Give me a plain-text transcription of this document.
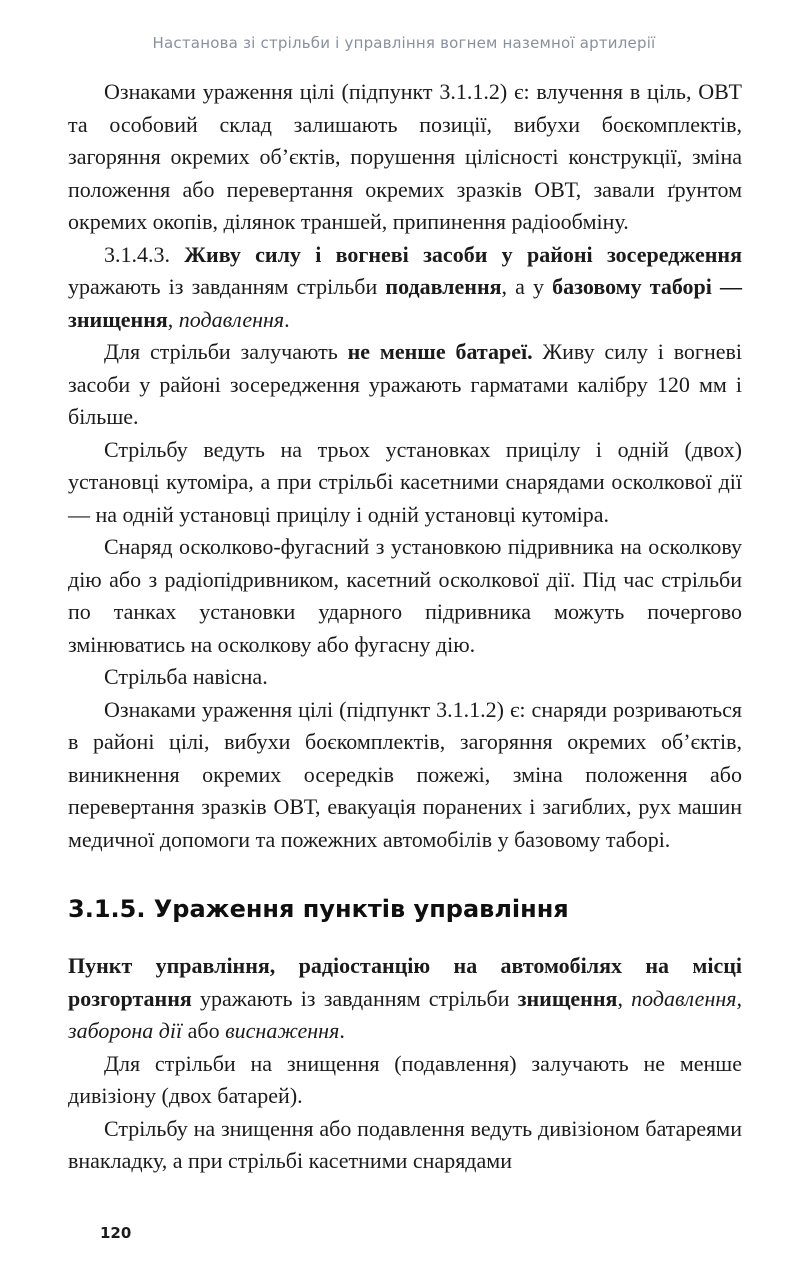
Настанова зі стрільби і управління вогнем наземної артилерії

Ознаками ураження цілі (підпункт 3.1.1.2) є: влучення в ціль, ОВТ та особовий склад залишають позиції, вибухи боєкомплектів, загоряння окремих об’єктів, порушення цілісності конструкції, зміна положення або перевертання окремих зразків ОВТ, завали ґрунтом окремих окопів, ділянок траншей, припинення радіообміну.

3.1.4.3. Живу силу і вогневі засоби у районі зосередження уражають із завданням стрільби подавлення, а у базовому таборі — знищення, подавлення.

Для стрільби залучають не менше батареї. Живу силу і вогневі засоби у районі зосередження уражають гарматами калібру 120 мм і більше.

Стрільбу ведуть на трьох установках прицілу і одній (двох) установці кутоміра, а при стрільбі касетними снарядами осколкової дії — на одній установці прицілу і одній установці кутоміра.

Снаряд осколково-фугасний з установкою підривника на осколкову дію або з радіопідривником, касетний осколкової дії. Під час стрільби по танках установки ударного підривника можуть почергово змінюватись на осколкову або фугасну дію.

Стрільба навісна.

Ознаками ураження цілі (підпункт 3.1.1.2) є: снаряди розриваються в районі цілі, вибухи боєкомплектів, загоряння окремих об’єктів, виникнення окремих осередків пожежі, зміна положення або перевертання зразків ОВТ, евакуація поранених і загиблих, рух машин медичної допомоги та пожежних автомобілів у базовому таборі.

3.1.5. Ураження пунктів управління

Пункт управління, радіостанцію на автомобілях на місці розгортання уражають із завданням стрільби знищення, подавлення, заборона дії або виснаження.

Для стрільби на знищення (подавлення) залучають не менше дивізіону (двох батарей).

Стрільбу на знищення або подавлення ведуть дивізіоном батареями внакладку, а при стрільбі касетними снарядами

120
